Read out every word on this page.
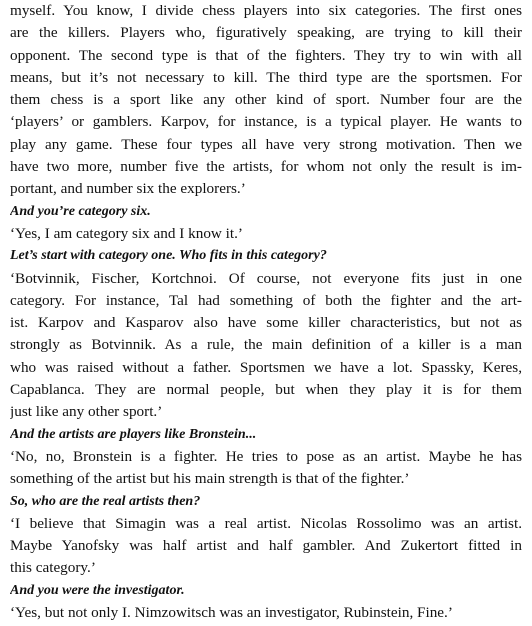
myself. You know, I divide chess players into six categories. The first ones
are the killers. Players who, figuratively speaking, are trying to kill their
opponent. The second type is that of the fighters. They try to win with all
means, but it’s not necessary to kill. The third type are the sportsmen. For
them chess is a sport like any other kind of sport. Number four are the
‘players’ or gamblers. Karpov, for instance, is a typical player. He wants to
play any game. These four types all have very strong motivation. Then we
have two more, number five the artists, for whom not only the result is im-
portant, and number six the explorers.’
And you’re category six.
‘Yes, I am category six and I know it.’
Let’s start with category one. Who fits in this category?
‘Botvinnik, Fischer, Kortchnoi. Of course, not everyone fits just in one
category. For instance, Tal had something of both the fighter and the art-
ist. Karpov and Kasparov also have some killer characteristics, but not as
strongly as Botvinnik. As a rule, the main definition of a killer is a man
who was raised without a father. Sportsmen we have a lot. Spassky, Keres,
Capablanca. They are normal people, but when they play it is for them
just like any other sport.’
And the artists are players like Bronstein...
‘No, no, Bronstein is a fighter. He tries to pose as an artist. Maybe he has
something of the artist but his main strength is that of the fighter.’
So, who are the real artists then?
‘I believe that Simagin was a real artist. Nicolas Rossolimo was an artist.
Maybe Yanofsky was half artist and half gambler. And Zukertort fitted in
this category.’
And you were the investigator.
‘Yes, but not only I. Nimzowitsch was an investigator, Rubinstein, Fine.’
